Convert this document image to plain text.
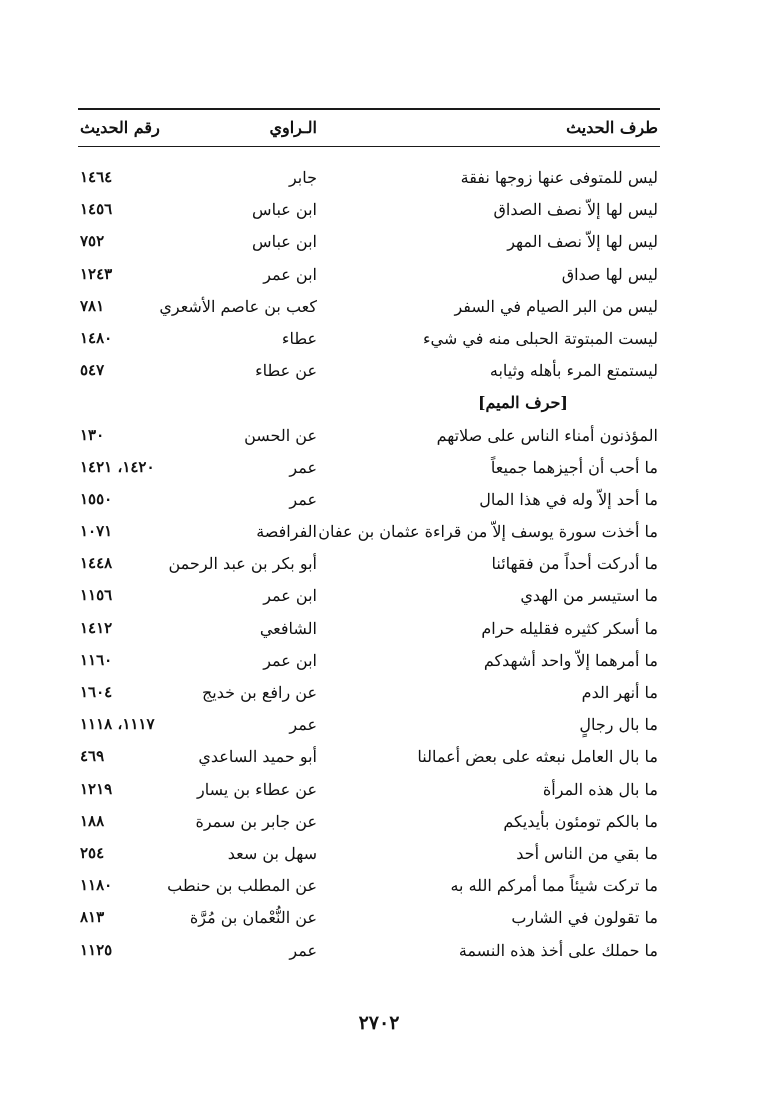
طرف الحديث
الـراوي
رقم الحديث
ليس للمتوفى عنها زوجها نفقة
جابر
١٤٦٤
ليس لها إلاّ نصف الصداق
ابن عباس
١٤٥٦
ليس لها إلاّ نصف المهر
ابن عباس
٧٥٢
ليس لها صداق
ابن عمر
١٢٤٣
ليس من البر الصيام في السفر
كعب بن عاصم الأشعري
٧٨١
ليست المبتوتة الحبلى منه في شيء
عطاء
١٤٨٠
ليستمتع المرء بأهله وثيابه
عن عطاء
٥٤٧
[حرف الميم]
المؤذنون أمناء الناس على صلاتهم
عن الحسن
١٣٠
ما أحب أن أجيزهما جميعاً
عمر
١٤٢٠، ١٤٢١
ما أحد إلاّ وله في هذا المال
عمر
١٥٥٠
ما أخذت سورة يوسف إلاّ من قراءة عثمان بن عفان
الفرافصة
١٠٧١
ما أدركت أحداً من فقهائنا
أبو بكر بن عبد الرحمن
١٤٤٨
ما استيسر من الهدي
ابن عمر
١١٥٦
ما أسكر كثيره فقليله حرام
الشافعي
١٤١٢
ما أمرهما إلاّ واحد أشهدكم
ابن عمر
١١٦٠
ما أنهر الدم
عن رافع بن خديج
١٦٠٤
ما بال رجالٍ
عمر
١١١٧، ١١١٨
ما بال العامل نبعثه على بعض أعمالنا
أبو حميد الساعدي
٤٦٩
ما بال هذه المرأة
عن عطاء بن يسار
١٢١٩
ما بالكم تومئون بأيديكم
عن جابر بن سمرة
١٨٨
ما بقي من الناس أحد
سهل بن سعد
٢٥٤
ما تركت شيئاً مما أمركم الله به
عن المطلب بن حنطب
١١٨٠
ما تقولون في الشارب
عن النُّعْمان بن مُرَّة
٨١٣
ما حملك على أخذ هذه النسمة
عمر
١١٢٥
٢٧٠٢
